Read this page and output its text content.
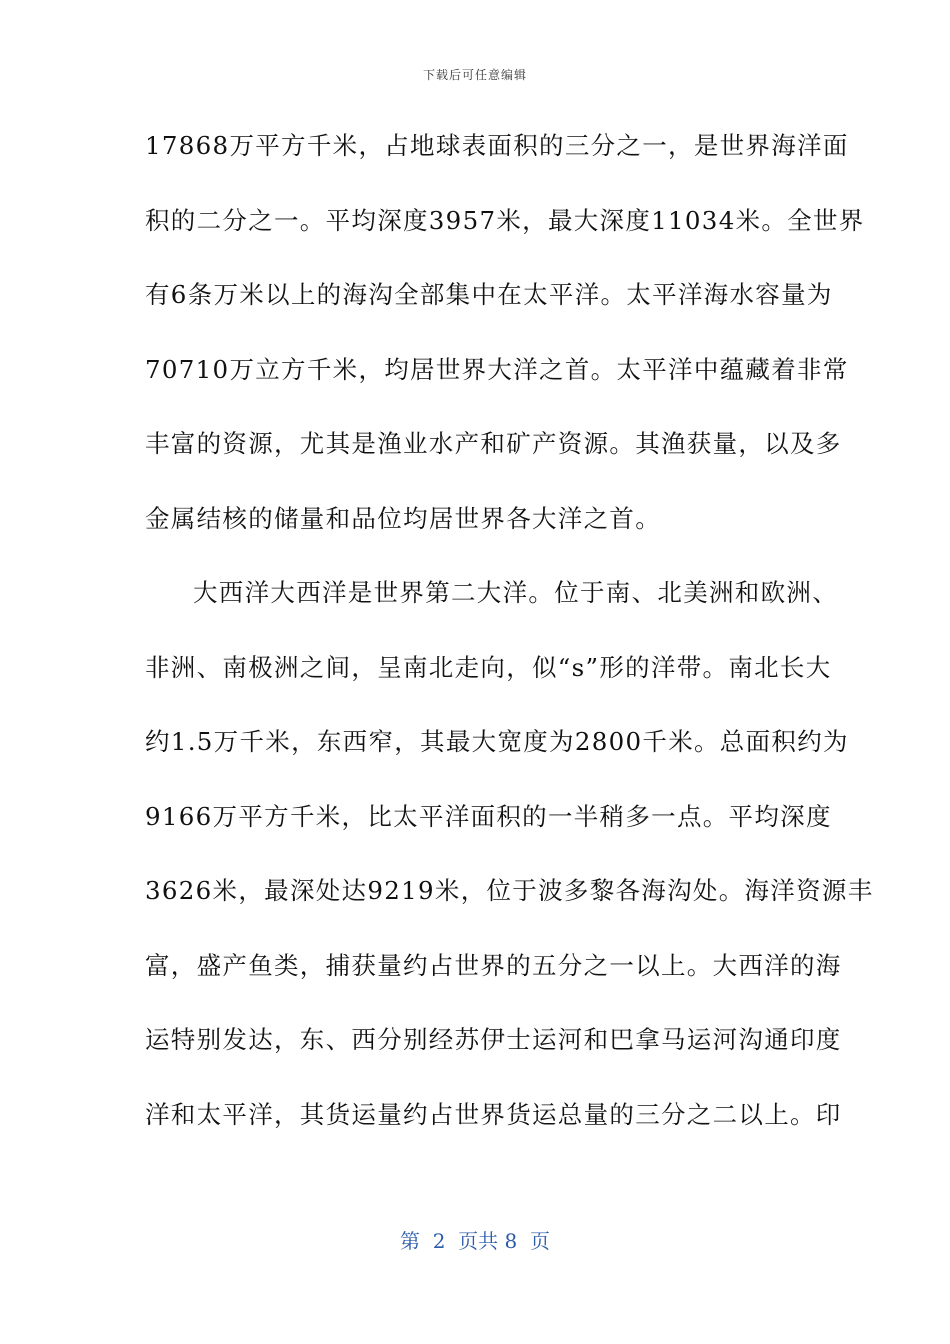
下载后可任意编辑
17868万平方千米，占地球表面积的三分之一，是世界海洋面
积的二分之一。平均深度3957米，最大深度11034米。全世界
有6条万米以上的海沟全部集中在太平洋。太平洋海水容量为
70710万立方千米，均居世界大洋之首。太平洋中蕴藏着非常
丰富的资源，尤其是渔业水产和矿产资源。其渔获量，以及多
金属结核的储量和品位均居世界各大洋之首。
大西洋大西洋是世界第二大洋。位于南、北美洲和欧洲、
非洲、南极洲之间，呈南北走向，似“s”形的洋带。南北长大
约1.5万千米，东西窄，其最大宽度为2800千米。总面积约为
9166万平方千米，比太平洋面积的一半稍多一点。平均深度
3626米，最深处达9219米，位于波多黎各海沟处。海洋资源丰
富，盛产鱼类，捕获量约占世界的五分之一以上。大西洋的海
运特别发达，东、西分别经苏伊士运河和巴拿马运河沟通印度
洋和太平洋，其货运量约占世界货运总量的三分之二以上。印
第  2  页共 8  页
